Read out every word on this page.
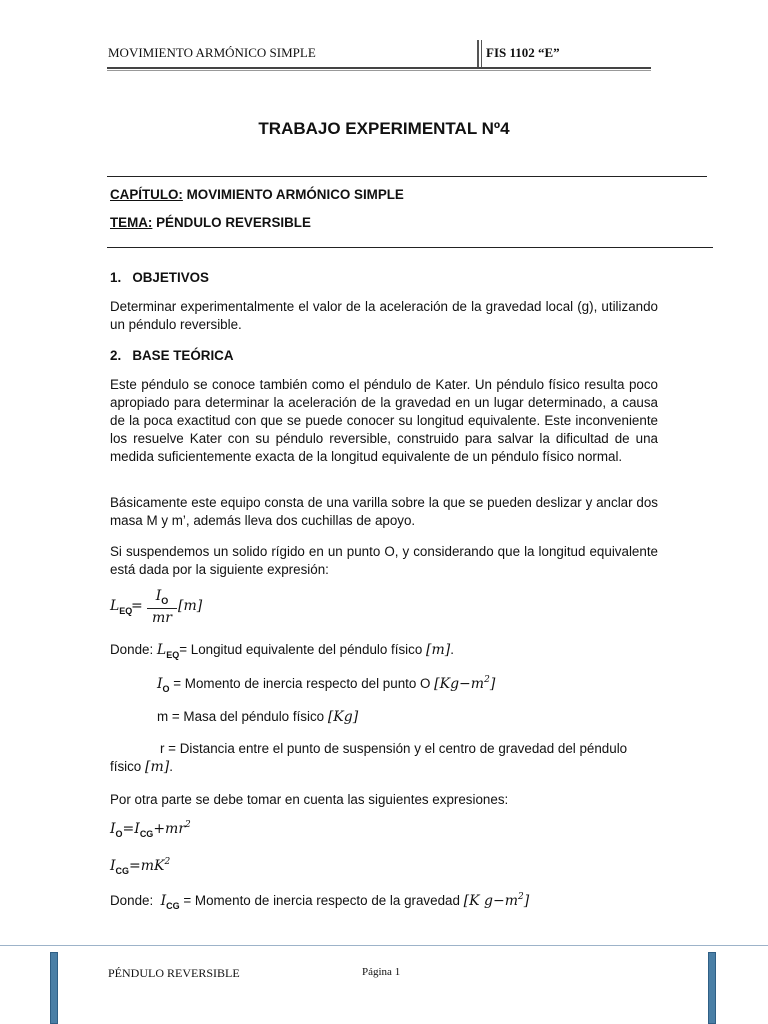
MOVIMIENTO ARMÓNICO SIMPLE	FIS 1102 “E”
TRABAJO EXPERIMENTAL Nº4
CAPÍTULO: MOVIMIENTO ARMÓNICO SIMPLE
TEMA: PÉNDULO REVERSIBLE
1.   OBJETIVOS
Determinar experimentalmente el valor de la aceleración de la gravedad local (g), utilizando un péndulo reversible.
2.   BASE TEÓRICA
Este péndulo se conoce también como el péndulo de Kater. Un péndulo físico resulta poco apropiado para determinar la aceleración de la gravedad en un lugar determinado, a causa de la poca exactitud con que se puede conocer su longitud equivalente. Este inconveniente los resuelve Kater con su péndulo reversible, construido para salvar la dificultad de una medida suficientemente exacta de la longitud equivalente de un péndulo físico normal.
Básicamente este equipo consta de una varilla sobre la que se pueden deslizar y anclar dos masa M y m’, además lleva dos cuchillas de apoyo.
Si suspendemos un solido rígido en un punto O, y considerando que la longitud equivalente está dada por la siguiente expresión:
$L_{EQ}$
=
$I_O$
mr
[m]
Donde: $L_{EQ}=$ Longitud equivalente del péndulo físico [m].
$I_O$ = Momento de inercia respecto del punto O $[Kg-m^2]$
m = Masa del péndulo físico [Kg]
r = Distancia entre el punto de suspensión y el centro de gravedad del péndulo
físico [m].
Por otra parte se debe tomar en cuenta las siguientes expresiones:
$I_O=I_{CG}+mr^2$
$I_{CG}=mK^2$
Donde:  $I_{CG}$ = Momento de inercia respecto de la gravedad [K $g-m^2$]
PÉNDULO REVERSIBLE	Página 1
